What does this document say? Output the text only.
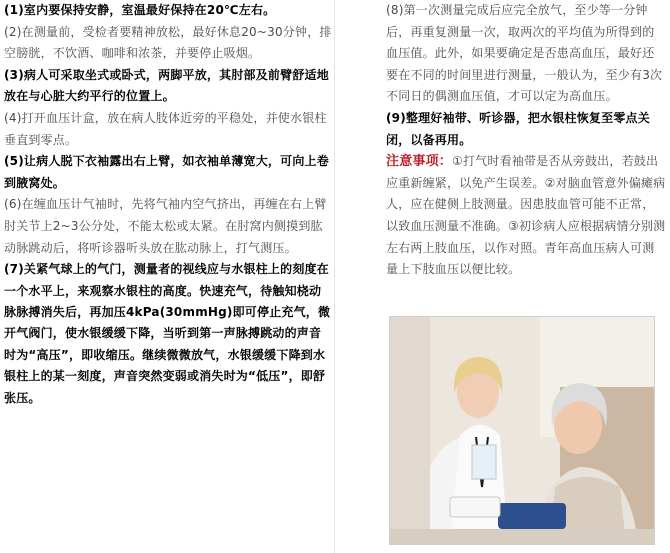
(1)室内要保持安静，室温最好保持在20℃左右。

(2)在测量前，受检者要精神放松，最好休息20~30分钟，排空膀胱，不饮酒、咖啡和浓茶，并要停止吸烟。

(3)病人可采取坐式或卧式，两脚平放，其肘部及前臂舒适地放在与心脏大约平行的位置上。

(4)打开血压计盒，放在病人肢体近旁的平稳处，并使水银柱垂直到零点。

(5)让病人脱下衣袖露出右上臂，如衣袖单薄宽大，可向上卷到腋窝处。

(6)在缠血压计气袖时，先将气袖内空气挤出，再缠在右上臂肘关节上2~3公分处，不能太松或太紧。在肘窝内侧摸到肱动脉跳动后，将听诊器听头放在肱动脉上，打气测压。

(7)关紧气球上的气门，测量者的视线应与水银柱上的刻度在一个水平上，来观察水银柱的高度。快速充气，待触知桡动脉脉搏消失后，再加压4kPa(30mmHg)即可停止充气，微开气阀门，使水银缓缓下降，当听到第一声脉搏跳动的声音时为“高压”，即收缩压。继续微微放气，水银缓缓下降到水银柱上的某一刻度，声音突然变弱或消失时为“低压”，即舒张压。

(8)第一次测量完成后应完全放气，至少等一分钟后，再重复测量一次，取两次的平均值为所得到的血压值。此外，如果要确定是否患高血压，最好还要在不同的时间里进行测量，一般认为，至少有3次不同日的偶测血压值，才可以定为高血压。

(9)整理好袖带、听诊器，把水银柱恢复至零点关闭，以备再用。

注意事项：①打气时看袖带是否从旁鼓出，若鼓出应重新缠紧，以免产生误差。②对脑血管意外偏瘫病人，应在健侧上肢测量。因患肢血管可能不正常，以致血压测量不准确。③初诊病人应根据病情分别测左右两上肢血压，以作对照。青年高血压病人可测量上下肢血压以便比较。
